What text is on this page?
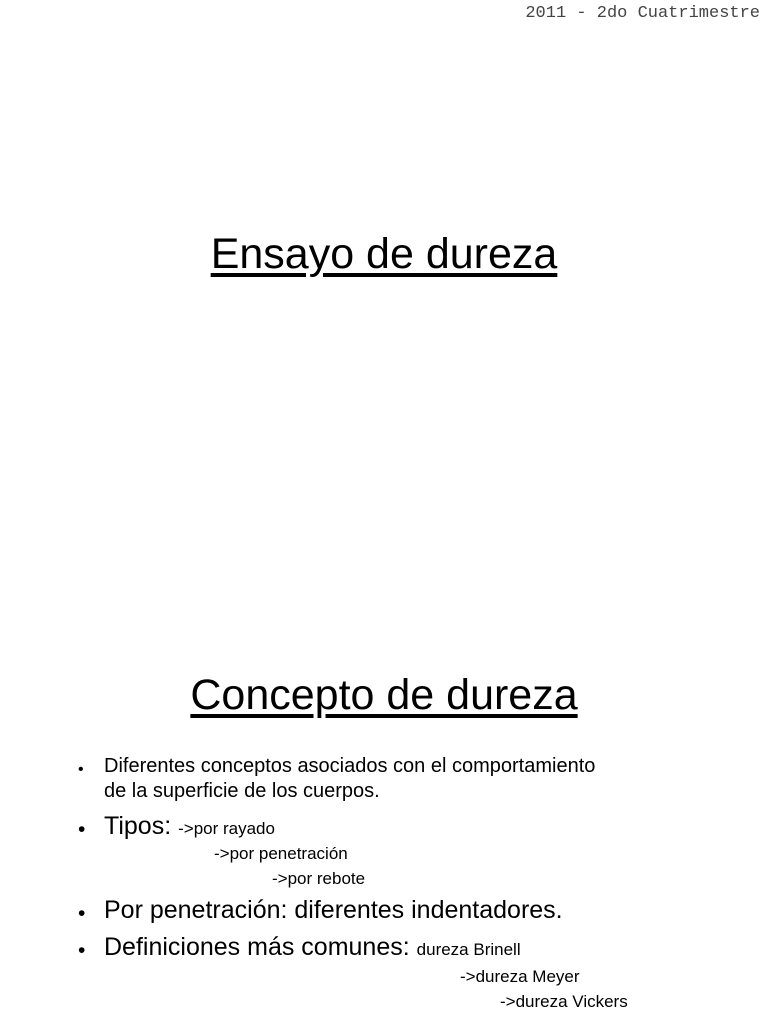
2011 - 2do Cuatrimestre
Ensayo de dureza
Concepto de dureza
• Diferentes conceptos asociados con el comportamiento
de la superficie de los cuerpos.
• Tipos: ->por rayado
->por penetración
->por rebote
• Por penetración: diferentes indentadores.
• Definiciones más comunes: dureza Brinell
->dureza Meyer
->dureza Vickers
